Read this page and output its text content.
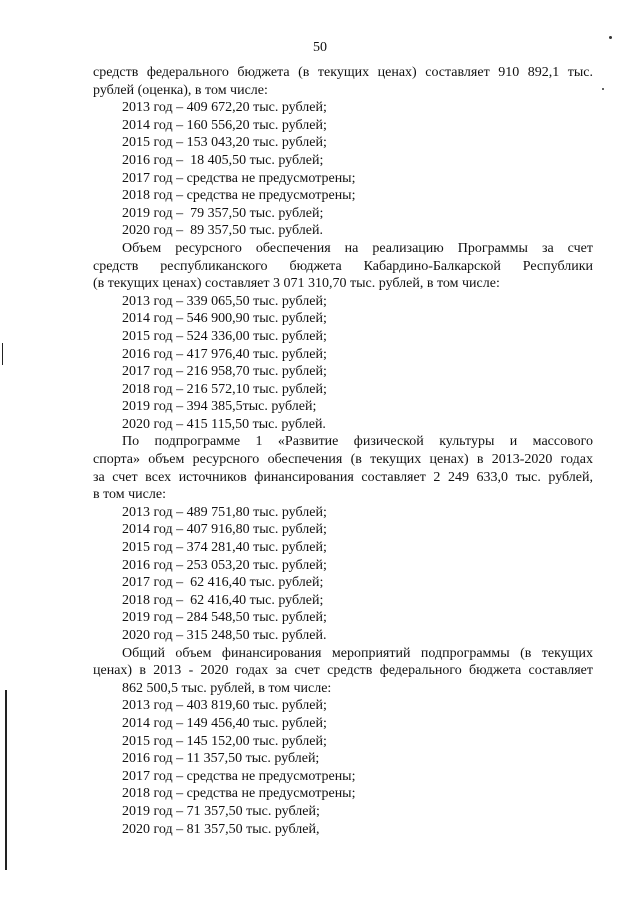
50
средств федерального бюджета (в текущих ценах) составляет 910 892,1 тыс.
рублей (оценка), в том числе:
2013 год – 409 672,20 тыс. рублей;
2014 год – 160 556,20 тыс. рублей;
2015 год – 153 043,20 тыс. рублей;
2016 год –  18 405,50 тыс. рублей;
2017 год – средства не предусмотрены;
2018 год – средства не предусмотрены;
2019 год –  79 357,50 тыс. рублей;
2020 год –  89 357,50 тыс. рублей.
Объем ресурсного обеспечения на реализацию Программы за счет
средств республиканского бюджета Кабардино-Балкарской Республики
(в текущих ценах) составляет 3 071 310,70 тыс. рублей, в том числе:
2013 год – 339 065,50 тыс. рублей;
2014 год – 546 900,90 тыс. рублей;
2015 год – 524 336,00 тыс. рублей;
2016 год – 417 976,40 тыс. рублей;
2017 год – 216 958,70 тыс. рублей;
2018 год – 216 572,10 тыс. рублей;
2019 год – 394 385,5тыс. рублей;
2020 год – 415 115,50 тыс. рублей.
По подпрограмме 1 «Развитие физической культуры и массового
спорта» объем ресурсного обеспечения (в текущих ценах) в 2013-2020 годах
за счет всех источников финансирования составляет 2 249 633,0 тыс. рублей,
в том числе:
2013 год – 489 751,80 тыс. рублей;
2014 год – 407 916,80 тыс. рублей;
2015 год – 374 281,40 тыс. рублей;
2016 год – 253 053,20 тыс. рублей;
2017 год –  62 416,40 тыс. рублей;
2018 год –  62 416,40 тыс. рублей;
2019 год – 284 548,50 тыс. рублей;
2020 год – 315 248,50 тыс. рублей.
Общий объем финансирования мероприятий подпрограммы (в текущих
ценах) в 2013 - 2020 годах за счет средств федерального бюджета составляет
862 500,5 тыс. рублей, в том числе:
2013 год – 403 819,60 тыс. рублей;
2014 год – 149 456,40 тыс. рублей;
2015 год – 145 152,00 тыс. рублей;
2016 год – 11 357,50 тыс. рублей;
2017 год – средства не предусмотрены;
2018 год – средства не предусмотрены;
2019 год – 71 357,50 тыс. рублей;
2020 год – 81 357,50 тыс. рублей,
